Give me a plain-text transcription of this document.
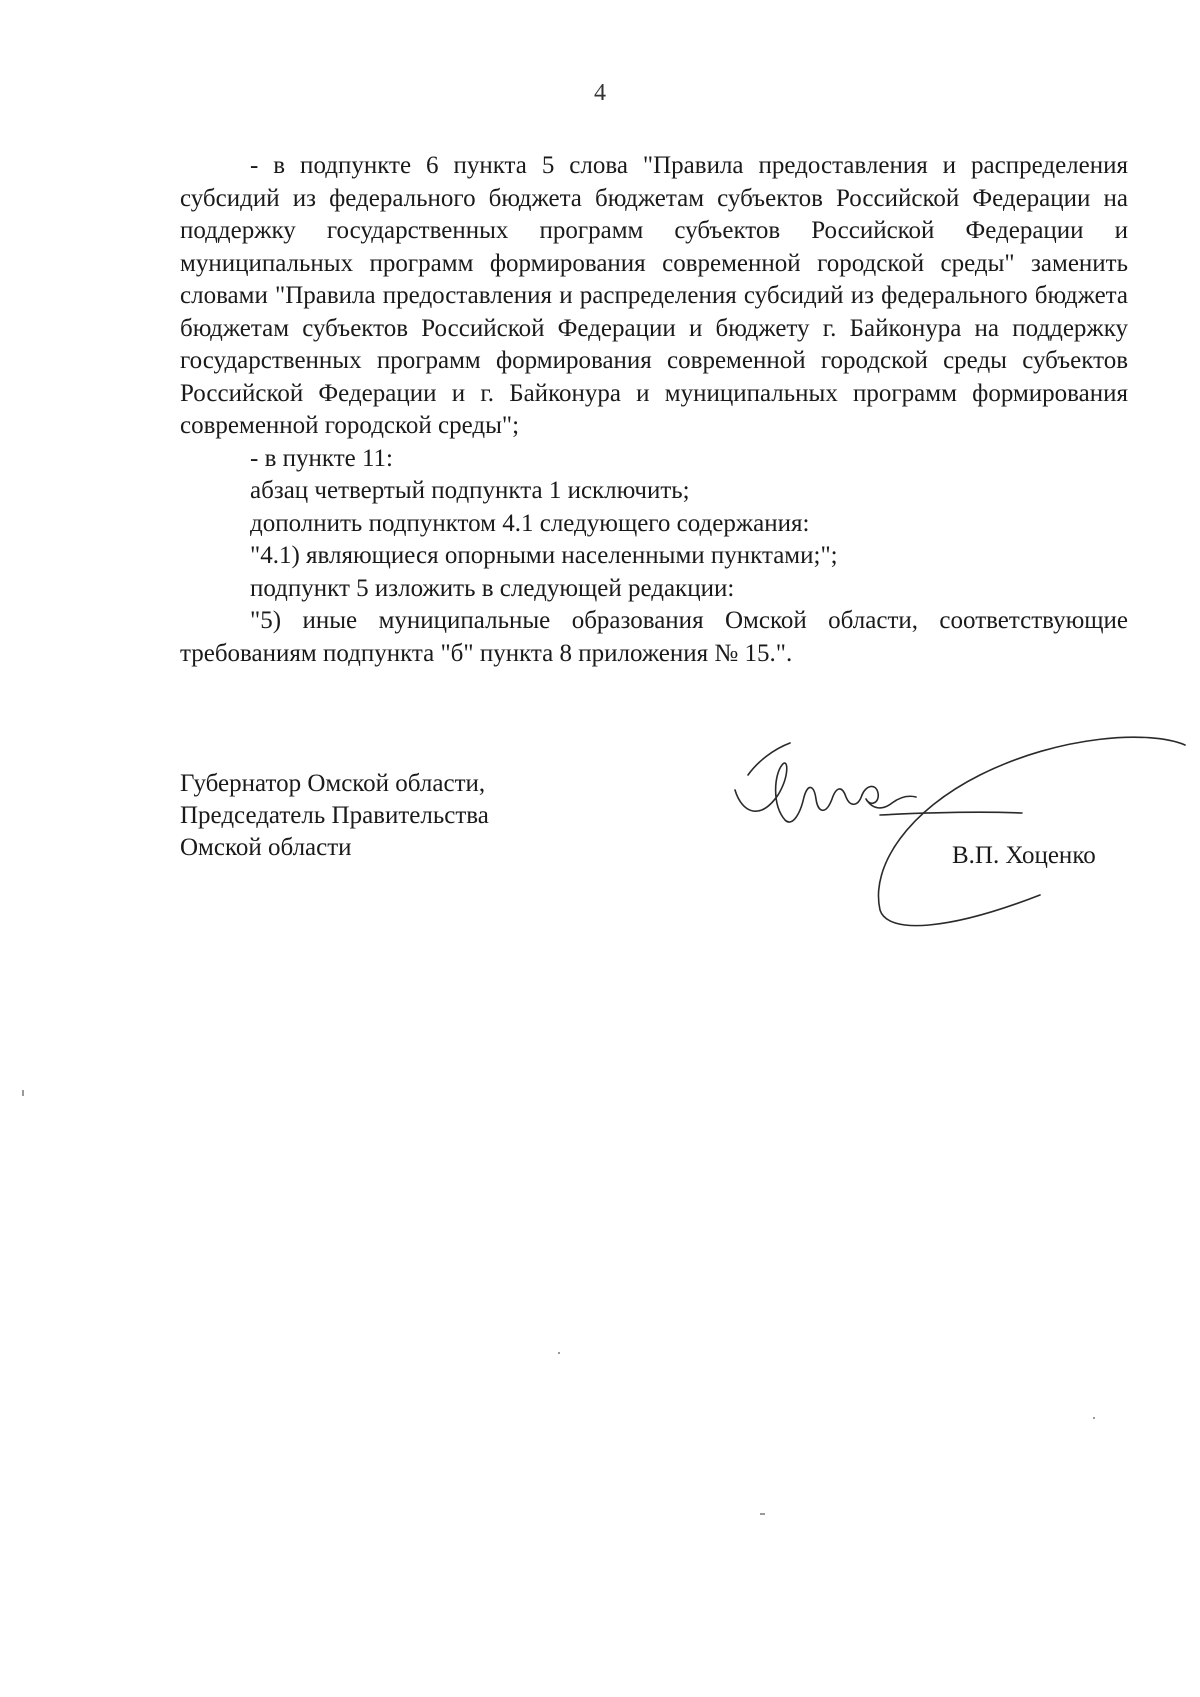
4

- в подпункте 6 пункта 5 слова "Правила предоставления и распределения субсидий из федерального бюджета бюджетам субъектов Российской Федерации на поддержку государственных программ субъектов Российской Федерации и муниципальных программ формирования современной городской среды" заменить словами "Правила предоставления и распределения субсидий из федерального бюджета бюджетам субъектов Российской Федерации и бюджету г. Байконура на поддержку государственных программ формирования современной городской среды субъектов Российской Федерации и г. Байконура и муниципальных программ формирования современной городской среды";

- в пункте 11:

абзац четвертый подпункта 1 исключить;

дополнить подпунктом 4.1 следующего содержания:

"4.1) являющиеся опорными населенными пунктами;";

подпункт 5 изложить в следующей редакции:

"5) иные муниципальные образования Омской области, соответствующие требованиям подпункта "б" пункта 8 приложения № 15.".

Губернатор Омской области,

Председатель Правительства

Омской области	В.П. Хоценко
